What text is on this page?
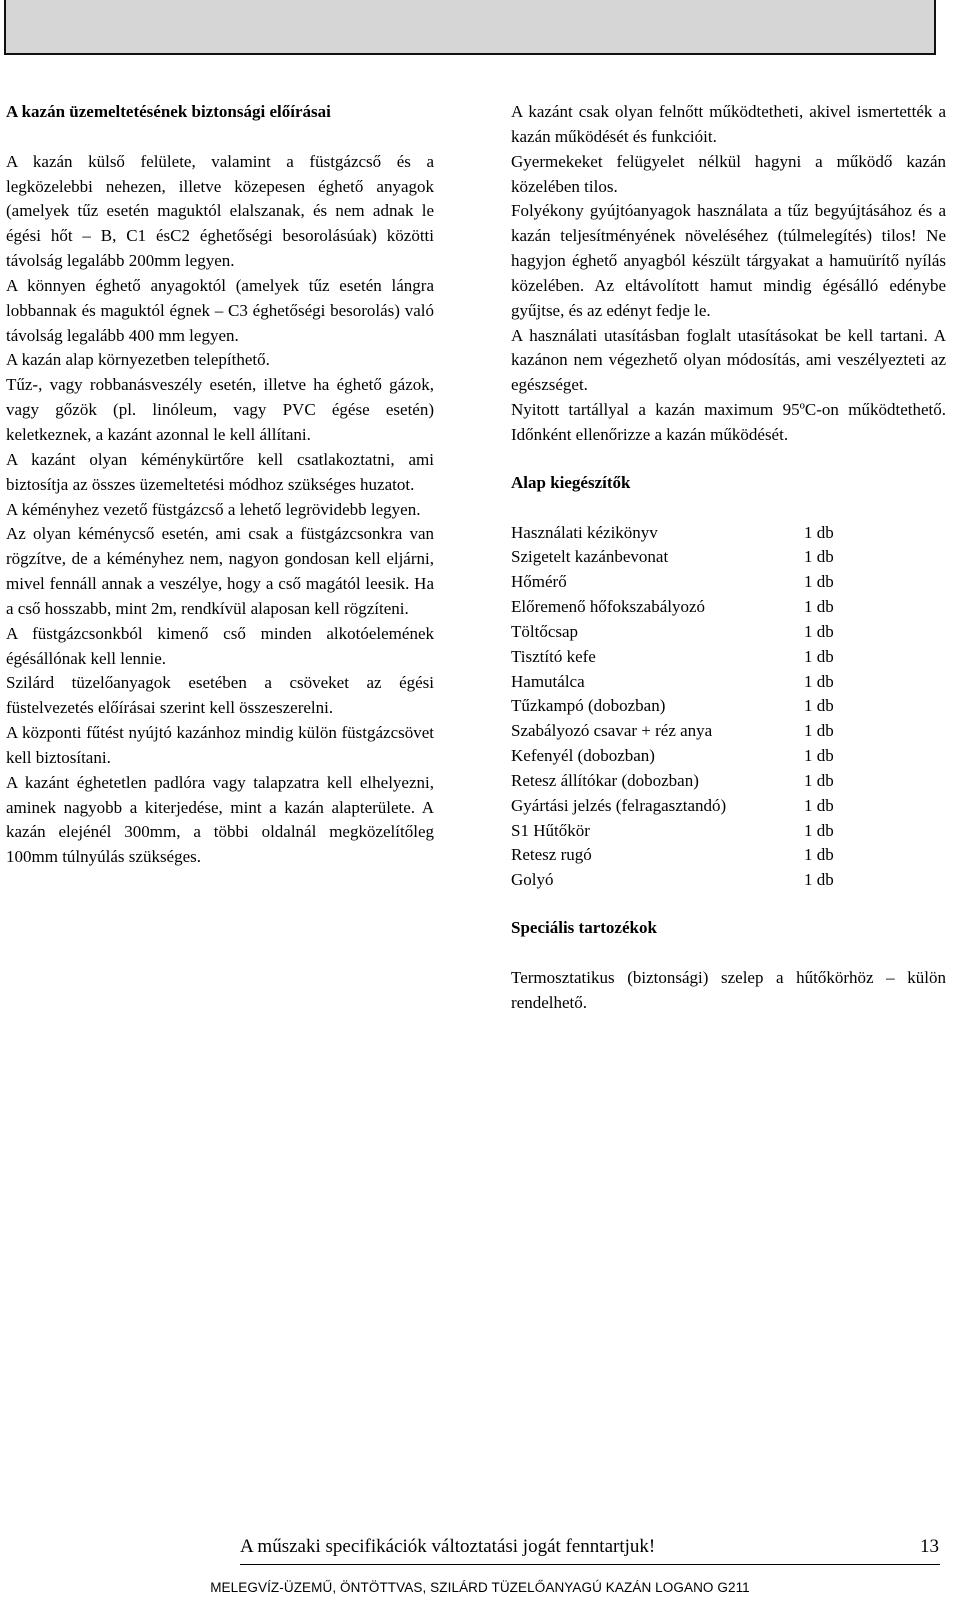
A kazán üzemeltetésének biztonsági előírásai

A kazán külső felülete, valamint a füstgázcső és a legközelebbi nehezen, illetve közepesen éghető anyagok (amelyek tűz esetén maguktól elalszanak, és nem adnak le égési hőt – B, C1 ésC2 éghetőségi besorolásúak) közötti távolság legalább 200mm legyen.

A könnyen éghető anyagoktól (amelyek tűz esetén lángra lobbannak és maguktól égnek – C3 éghetőségi besorolás) való távolság legalább 400 mm legyen.

A kazán alap környezetben telepíthető.

Tűz-, vagy robbanásveszély esetén, illetve ha éghető gázok, vagy gőzök (pl. linóleum, vagy PVC égése esetén) keletkeznek, a kazánt azonnal le kell állítani.

A kazánt olyan kéménykürtőre kell csatlakoztatni, ami biztosítja az összes üzemeltetési módhoz szükséges huzatot.

A kéményhez vezető füstgázcső a lehető legrövidebb legyen.

Az olyan kéménycső esetén, ami csak a füstgázcsonkra van rögzítve, de a kéményhez nem, nagyon gondosan kell eljárni, mivel fennáll annak a veszélye, hogy a cső magától leesik. Ha a cső hosszabb, mint 2m, rendkívül alaposan kell rögzíteni.

A füstgázcsonkból kimenő cső minden alkotóelemének égésállónak kell lennie.

Szilárd tüzelőanyagok esetében a csöveket az égési füstelvezetés előírásai szerint kell összeszerelni.

A központi fűtést nyújtó kazánhoz mindig külön füstgázcsövet kell biztosítani.

A kazánt éghetetlen padlóra vagy talapzatra kell elhelyezni, aminek nagyobb a kiterjedése, mint a kazán alapterülete. A kazán elejénél 300mm, a többi oldalnál megközelítőleg 100mm túlnyúlás szükséges.

A kazánt csak olyan felnőtt működtetheti, akivel ismertették a kazán működését és funkcióit.

Gyermekeket felügyelet nélkül hagyni a működő kazán közelében tilos.

Folyékony gyújtóanyagok használata a tűz begyújtásához és a kazán teljesítményének növeléséhez (túlmelegítés) tilos! Ne hagyjon éghető anyagból készült tárgyakat a hamuürítő nyílás közelében. Az eltávolított hamut mindig égésálló edénybe gyűjtse, és az edényt fedje le.

A használati utasításban foglalt utasításokat be kell tartani. A kazánon nem végezhető olyan módosítás, ami veszélyezteti az egészséget.

Nyitott tartállyal a kazán maximum 95ºC-on működtethető. Időnként ellenőrizze a kazán működését.

Alap kiegészítők

Használati kézikönyv	1 db
Szigetelt kazánbevonat	1 db
Hőmérő	1 db
Előremenő hőfokszabályozó	1 db
Töltőcsap	1 db
Tisztító kefe	1 db
Hamutálca	1 db
Tűzkampó (dobozban)	1 db
Szabályozó csavar + réz anya	1 db
Kefenyél (dobozban)	1 db
Retesz állítókar (dobozban)	1 db
Gyártási jelzés (felragasztandó)	1 db
S1 Hűtőkör	1 db
Retesz rugó	1 db
Golyó	1 db

Speciális tartozékok

Termosztatikus (biztonsági) szelep a hűtőkörhöz – külön rendelhető.

A műszaki specifikációk változtatási jogát fenntartjuk!	13
MELEGVÍZ-ÜZEMŰ, ÖNTÖTTVAS, SZILÁRD TÜZELŐANYAGÚ KAZÁN LOGANO G211
